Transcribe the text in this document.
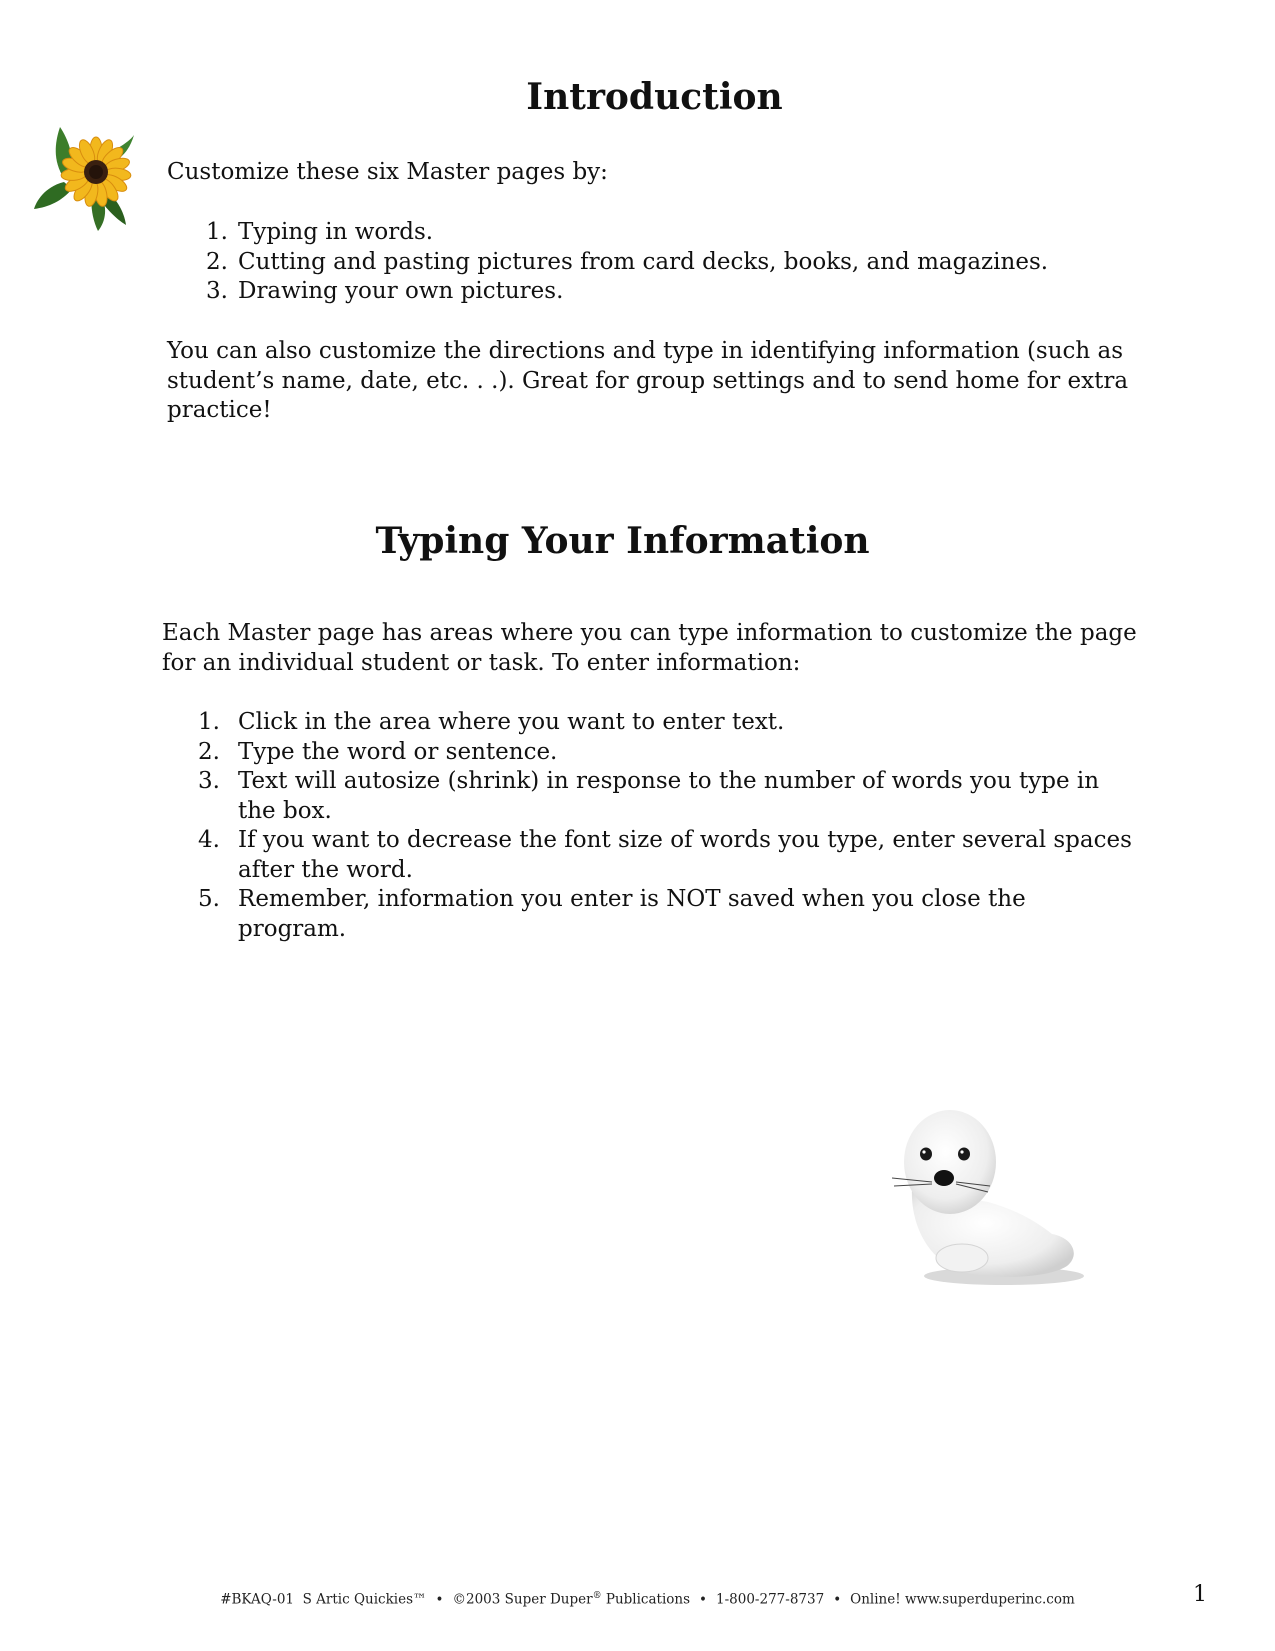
Introduction

Customize these six Master pages by:

1. Typing in words.
2. Cutting and pasting pictures from card decks, books, and magazines.
3. Drawing your own pictures.

You can also customize the directions and type in identifying information (such as student’s name, date, etc. . .). Great for group settings and to send home for extra practice!

Typing Your Information

Each Master page has areas where you can type information to customize the page for an individual student or task. To enter information:

1. Click in the area where you want to enter text.
2. Type the word or sentence.
3. Text will autosize (shrink) in response to the number of words you type in the box.
4. If you want to decrease the font size of words you type, enter several spaces after the word.
5. Remember, information you enter is NOT saved when you close the program.
#BKAQ-01 S Artic Quickies™ • ©2003 Super Duper® Publications • 1-800-277-8737 • Online! www.superduperinc.com	1
